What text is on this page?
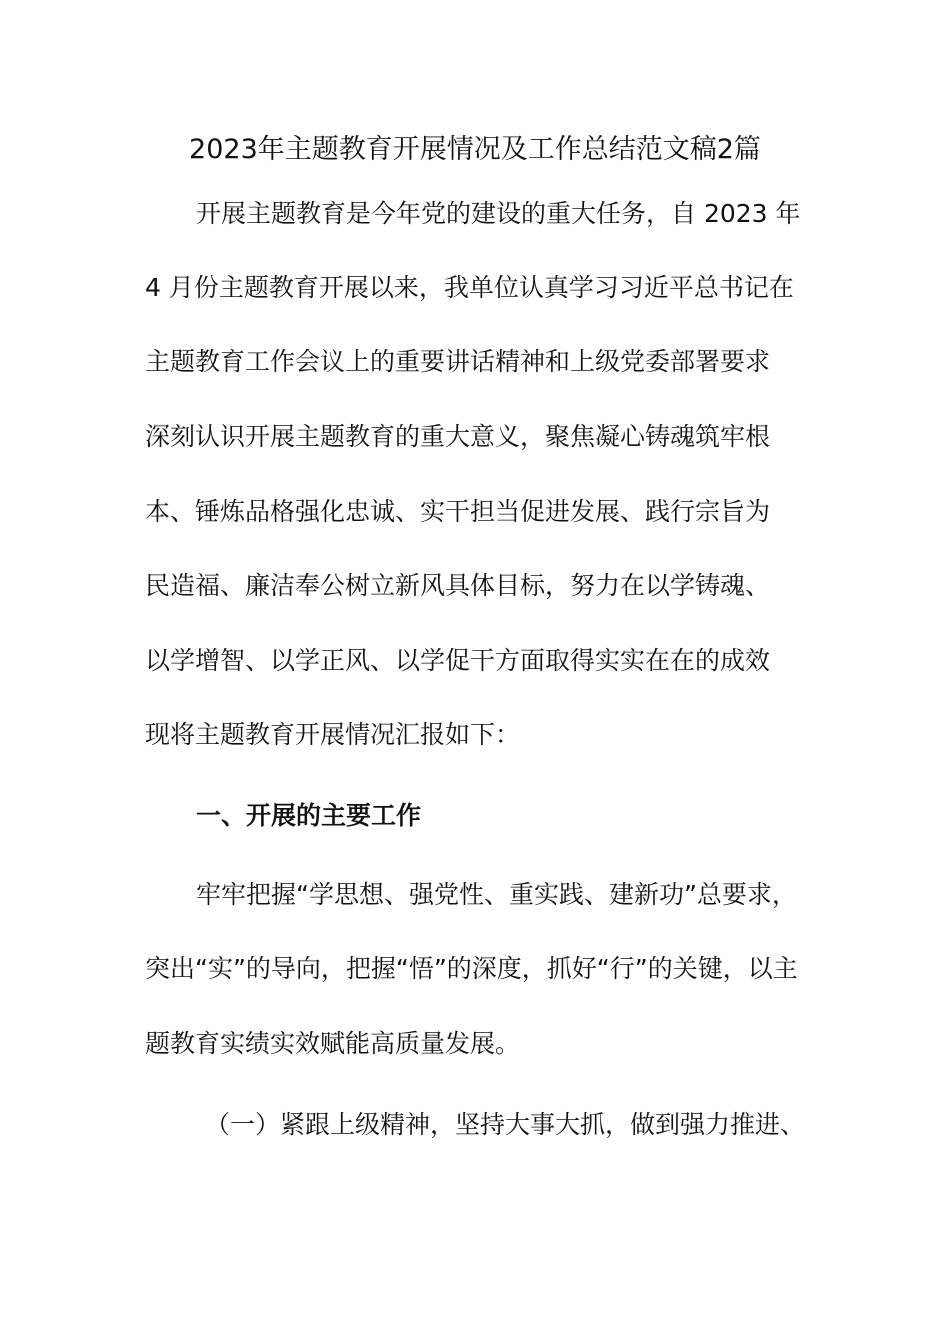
2023年主题教育开展情况及工作总结范文稿2篇
开展主题教育是今年党的建设的重大任务，自 2023 年
4 月份主题教育开展以来，我单位认真学习习近平总书记在
主题教育工作会议上的重要讲话精神和上级党委部署要求
深刻认识开展主题教育的重大意义，聚焦凝心铸魂筑牢根
本、锤炼品格强化忠诚、实干担当促进发展、践行宗旨为
民造福、廉洁奉公树立新风具体目标，努力在以学铸魂、
以学增智、以学正风、以学促干方面取得实实在在的成效
现将主题教育开展情况汇报如下：
一、开展的主要工作
牢牢把握“学思想、强党性、重实践、建新功”总要求，
突出“实”的导向，把握“悟”的深度，抓好“行”的关键，以主
题教育实绩实效赋能高质量发展。
（一）紧跟上级精神，坚持大事大抓，做到强力推进、
